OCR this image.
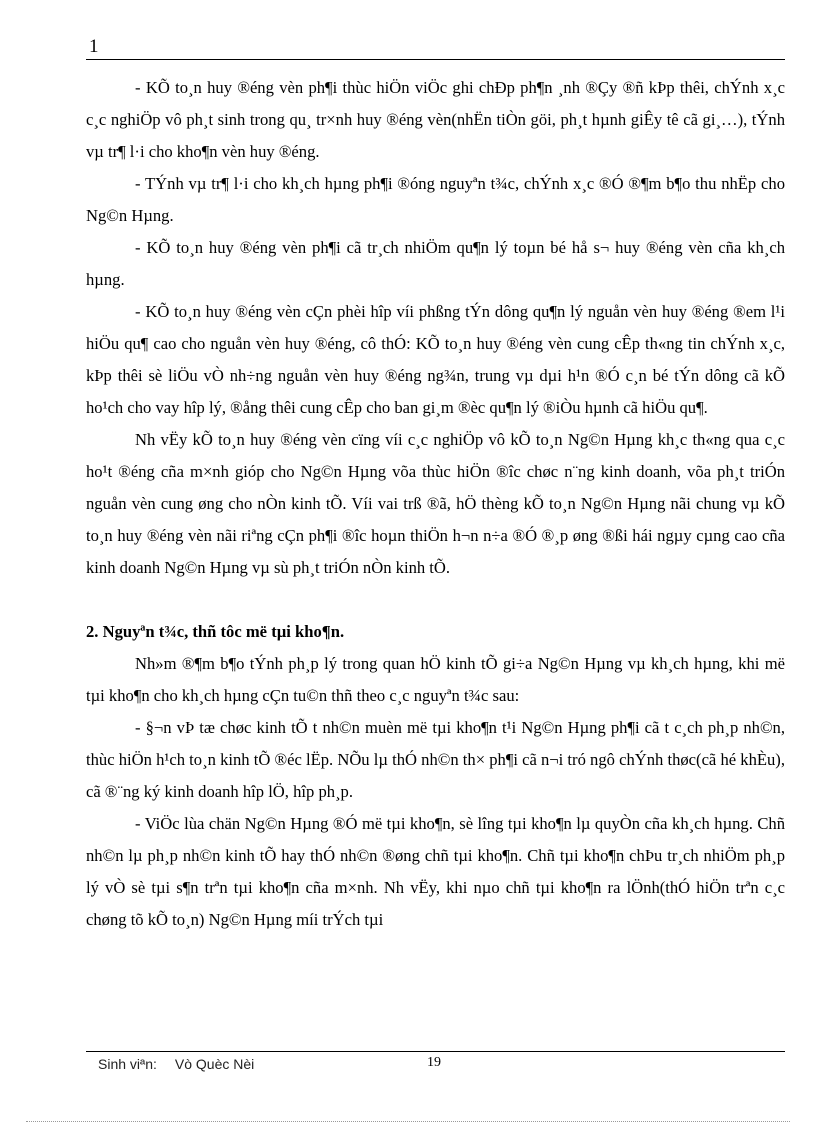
1

- KÕ to¸n huy ®éng vèn ph¶i thùc hiÖn viÖc ghi chÐp ph¶n ¸nh ®Çy ®ñ kÞp thêi, chÝnh x¸c c¸c nghiÖp vô ph¸t sinh trong qu¸ tr×nh huy ®éng vèn(nhËn tiÒn göi, ph¸t hµnh giÊy tê cã gi¸…), tÝnh vµ tr¶ l·i cho kho¶n vèn huy ®éng.

- TÝnh vµ tr¶ l·i cho kh¸ch hµng ph¶i ®óng nguyªn t¾c, chÝnh x¸c ®Ó ®¶m b¶o thu nhËp cho Ng©n Hµng.

- KÕ to¸n huy ®éng vèn ph¶i cã tr¸ch nhiÖm qu¶n lý toµn bé hå s¬ huy ®éng vèn cña kh¸ch hµng.

- KÕ to¸n huy ®éng vèn cÇn phèi hîp víi phßng tÝn dông qu¶n lý nguån vèn huy ®éng ®em l¹i hiÖu qu¶ cao cho nguån vèn huy ®éng, cô thÓ: KÕ to¸n huy ®éng vèn cung cÊp th«ng tin chÝnh x¸c, kÞp thêi sè liÖu vÒ nh÷ng nguån vèn huy ®éng ng¾n, trung vµ dµi h¹n ®Ó c¸n bé tÝn dông cã kÕ ho¹ch cho vay hîp lý, ®ång thêi cung cÊp cho ban gi¸m ®èc qu¶n lý ®iÒu hµnh cã hiÖu qu¶.

Nh vËy kÕ to¸n huy ®éng vèn cïng víi c¸c nghiÖp vô kÕ to¸n Ng©n Hµng kh¸c th«ng qua c¸c ho¹t ®éng cña m×nh gióp cho Ng©n Hµng võa thùc hiÖn ®îc chøc n¨ng kinh doanh, võa ph¸t triÓn nguån vèn cung øng cho nÒn kinh tÕ. Víi vai trß ®ã, hÖ thèng kÕ to¸n Ng©n Hµng nãi chung vµ kÕ to¸n huy ®éng vèn nãi riªng cÇn ph¶i ®îc hoµn thiÖn h¬n n÷a ®Ó ®¸p øng ®ßi hái ngµy cµng cao cña kinh doanh Ng©n Hµng vµ sù ph¸t triÓn nÒn kinh tÕ.

2. Nguyªn t¾c, thñ tôc më tµi kho¶n.

Nh»m ®¶m b¶o tÝnh ph¸p lý trong quan hÖ kinh tÕ gi÷a Ng©n Hµng vµ kh¸ch hµng, khi më tµi kho¶n cho kh¸ch hµng cÇn tu©n thñ theo c¸c nguyªn t¾c sau:

- §¬n vÞ tæ chøc kinh tÕ t nh©n muèn më tµi kho¶n t¹i Ng©n Hµng ph¶i cã t c¸ch ph¸p nh©n, thùc hiÖn h¹ch to¸n kinh tÕ ®éc lËp. NÕu lµ thÓ nh©n th× ph¶i cã n¬i tró ngô chÝnh thøc(cã hé khÈu), cã ®¨ng ký kinh doanh hîp lÖ, hîp ph¸p.

- ViÖc lùa chän Ng©n Hµng ®Ó më tµi kho¶n, sè lîng tµi kho¶n lµ quyÒn cña kh¸ch hµng. Chñ nh©n lµ ph¸p nh©n kinh tÕ hay thÓ nh©n ®øng chñ tµi kho¶n. Chñ tµi kho¶n chÞu tr¸ch nhiÖm ph¸p lý vÒ sè tµi s¶n trªn tµi kho¶n cña m×nh. Nh vËy, khi nµo chñ tµi kho¶n ra lÖnh(thÓ hiÖn trªn c¸c chøng tõ kÕ to¸n) Ng©n Hµng míi trÝch tµi

Sinh viªn: Vò Quèc Nèi	19
